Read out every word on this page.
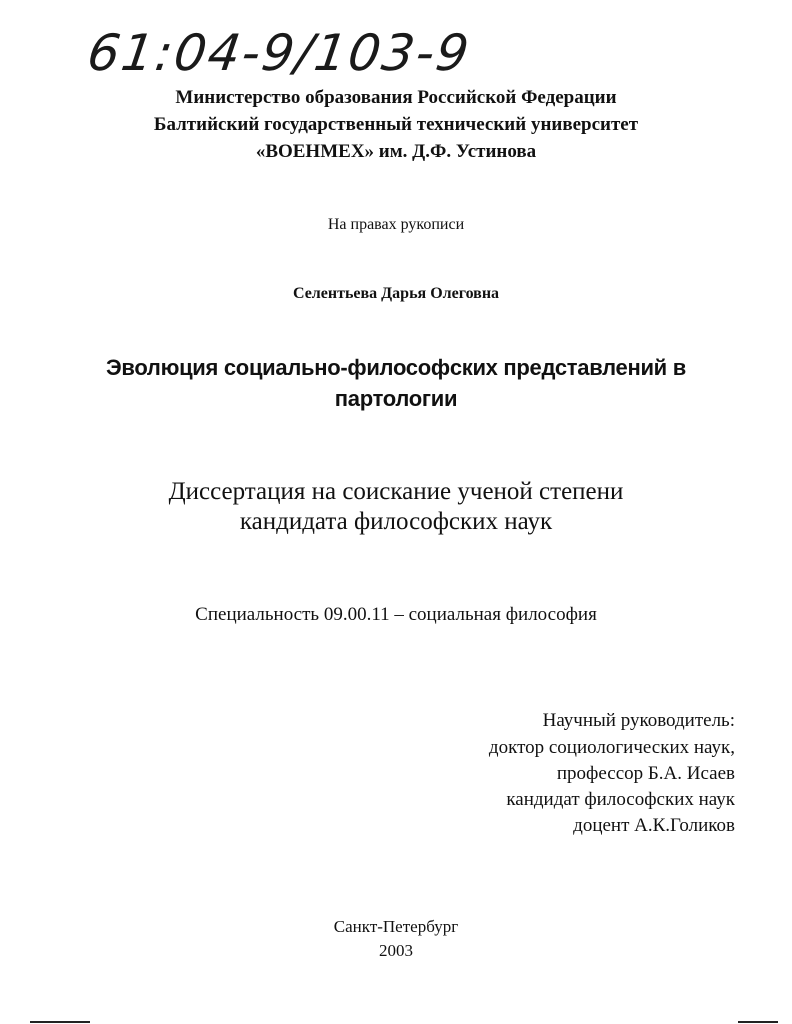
61:04-9/103-9
Министерство образования Российской Федерации
Балтийский государственный технический университет
«ВОЕНМЕХ» им. Д.Ф. Устинова
На правах рукописи
Селентьева Дарья Олеговна
Эволюция социально-философских представлений в
партологии
Диссертация на соискание ученой степени
кандидата философских наук
Специальность 09.00.11 – социальная философия
Научный руководитель:
доктор социологических наук,
профессор Б.А. Исаев
кандидат философских наук
доцент А.К.Голиков
Санкт-Петербург
2003
